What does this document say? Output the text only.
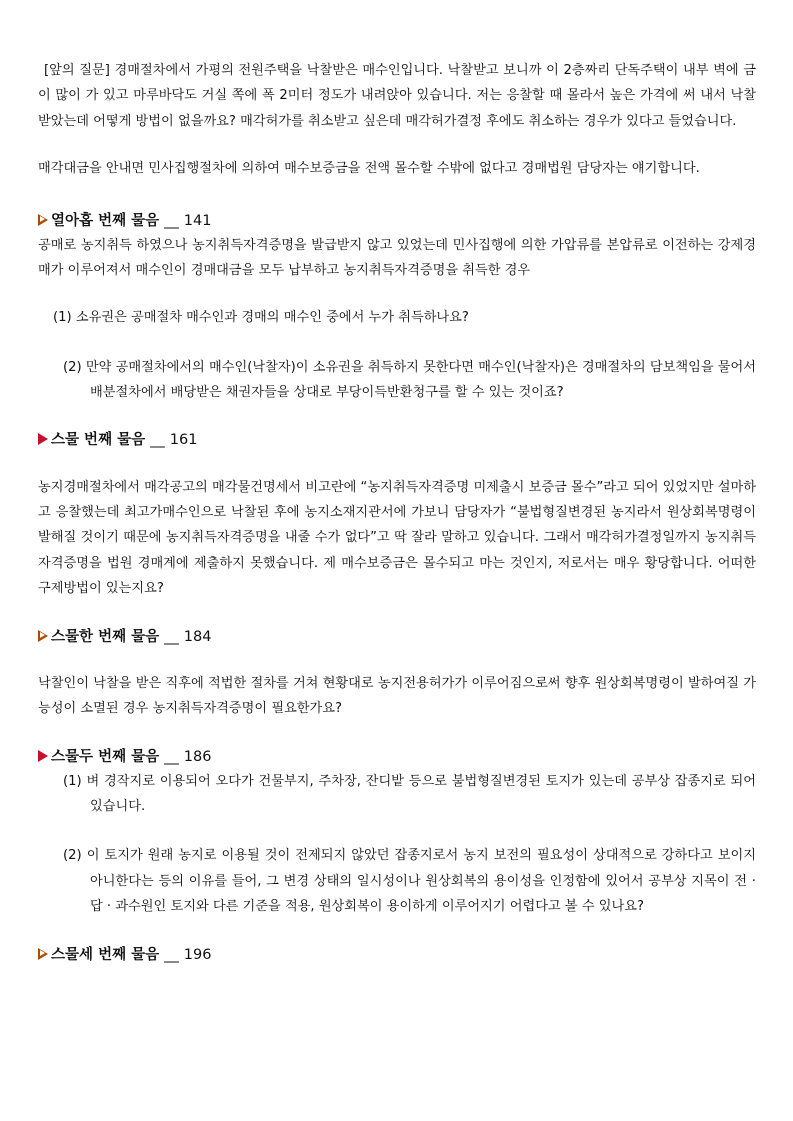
[앞의 질문] 경매절차에서 가평의 전원주택을 낙찰받은 매수인입니다. 낙찰받고 보니까 이 2층짜리 단독주택이 내부 벽에 금이 많이 가 있고 마루바닥도 거실 쪽에 폭 2미터 정도가 내려앉아 있습니다. 저는 응찰할 때 몰라서 높은 가격에 써 내서 낙찰받았는데 어떻게 방법이 없을까요? 매각허가를 취소받고 싶은데 매각허가결정 후에도 취소하는 경우가 있다고 들었습니다.

매각대금을 안내면 민사집행절차에 의하여 매수보증금을 전액 몰수할 수밖에 없다고 경매법원 담당자는 얘기합니다.

열아홉 번째 물음 __ 141

공매로 농지취득 하였으나 농지취득자격증명을 발급받지 않고 있었는데 민사집행에 의한 가압류를 본압류로 이전하는 강제경매가 이루어져서 매수인이 경매대금을 모두 납부하고 농지취득자격증명을 취득한 경우

(1) 소유권은 공매절차 매수인과 경매의 매수인 중에서 누가 취득하나요?

(2) 만약 공매절차에서의 매수인(낙찰자)이 소유권을 취득하지 못한다면 매수인(낙찰자)은 경매절차의 담보책임을 물어서 배분절차에서 배당받은 채권자들을 상대로 부당이득반환청구를 할 수 있는 것이죠?

스물 번째 물음 __ 161

농지경매절차에서 매각공고의 매각물건명세서 비고란에 “농지취득자격증명 미제출시 보증금 몰수”라고 되어 있었지만 설마하고 응찰했는데 최고가매수인으로 낙찰된 후에 농지소재지관서에 가보니 담당자가 “불법형질변경된 농지라서 원상회복명령이 발해질 것이기 때문에 농지취득자격증명을 내줄 수가 없다”고 딱 잘라 말하고 있습니다. 그래서 매각허가결정일까지 농지취득자격증명을 법원 경매계에 제출하지 못했습니다. 제 매수보증금은 몰수되고 마는 것인지, 저로서는 매우 황당합니다. 어떠한 구제방법이 있는지요?

스물한 번째 물음 __ 184

낙찰인이 낙찰을 받은 직후에 적법한 절차를 거쳐 현황대로 농지전용허가가 이루어짐으로써 향후 원상회복명령이 발하여질 가능성이 소멸된 경우 농지취득자격증명이 필요한가요?

스물두 번째 물음 __ 186

(1) 벼 경작지로 이용되어 오다가 건물부지, 주차장, 잔디밭 등으로 불법형질변경된 토지가 있는데 공부상 잡종지로 되어 있습니다.

(2) 이 토지가 원래 농지로 이용될 것이 전제되지 않았던 잡종지로서 농지 보전의 필요성이 상대적으로 강하다고 보이지 아니한다는 등의 이유를 들어, 그 변경 상태의 일시성이나 원상회복의 용이성을 인정함에 있어서 공부상 지목이 전 · 답 · 과수원인 토지와 다른 기준을 적용, 원상회복이 용이하게 이루어지기 어렵다고 볼 수 있나요?

스물세 번째 물음 __ 196
